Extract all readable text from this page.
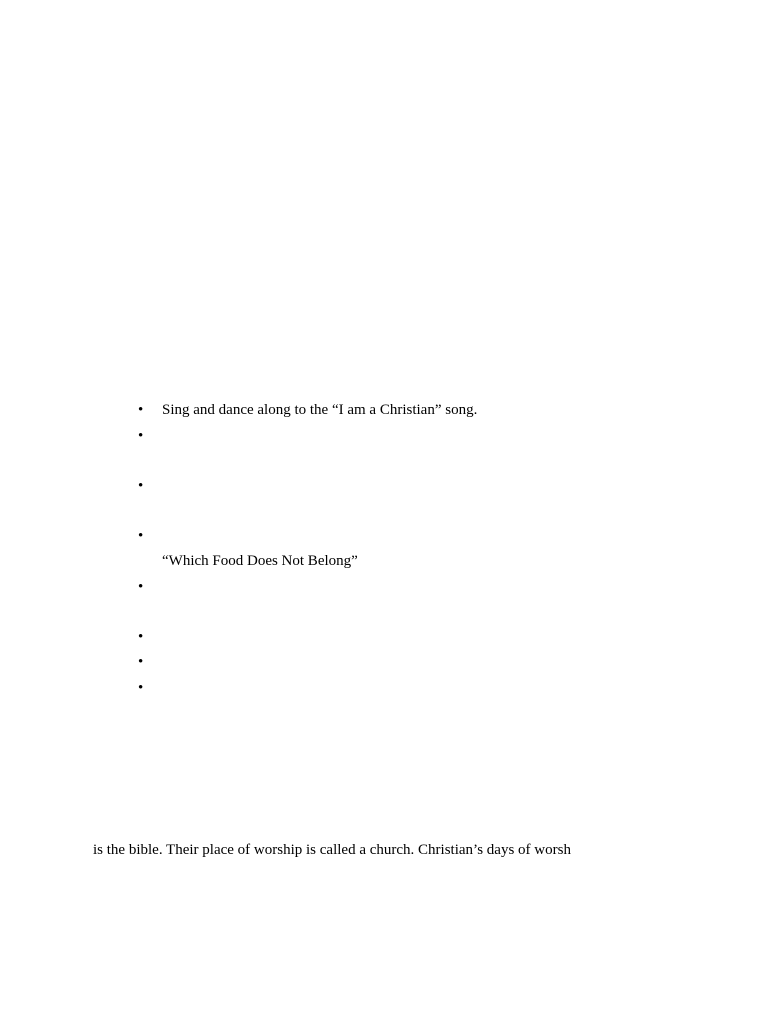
•	Sing and dance along to the “I am a Christian” song.
•
•
•
“Which Food Does Not Belong”
•
•
•
•
is the bible. Their place of worship is called a church. Christian’s days of worsh
